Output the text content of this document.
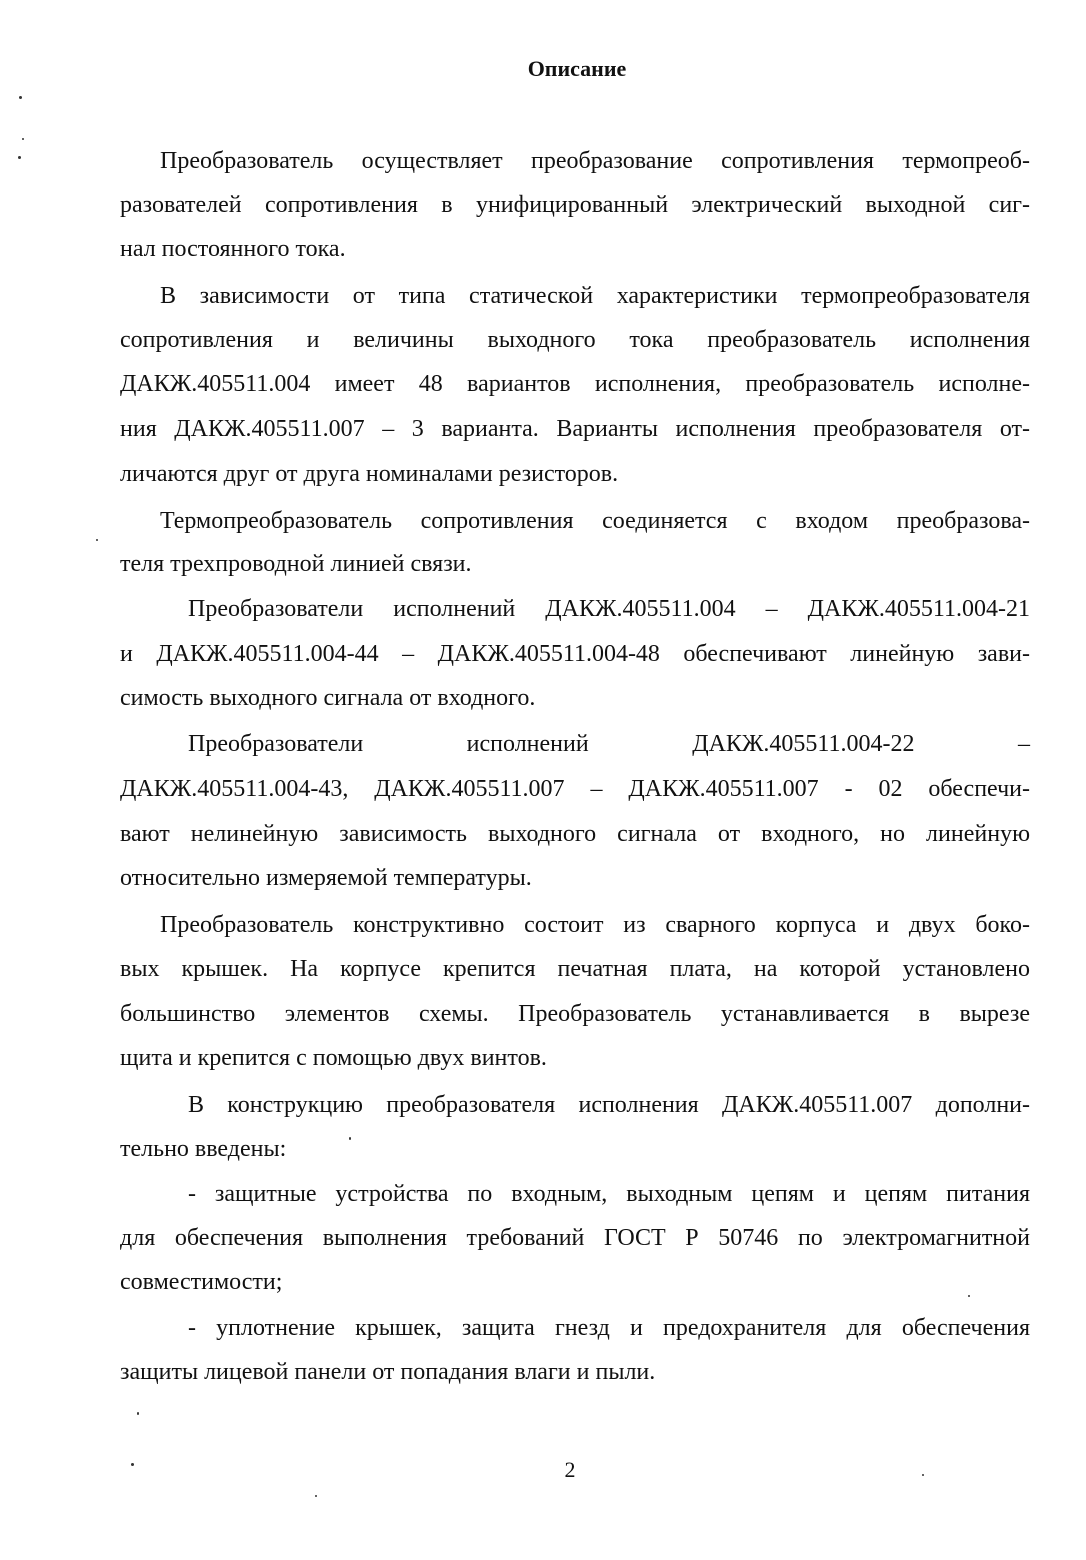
Описание
Преобразователь осуществляет преобразование сопротивления термопреоб-
разователей сопротивления в унифицированный электрический выходной сиг-
нал постоянного тока.
В зависимости от типа статической характеристики термопреобразователя
сопротивления и величины выходного тока преобразователь исполнения
ДАКЖ.405511.004 имеет 48 вариантов исполнения, преобразователь исполне-
ния ДАКЖ.405511.007 – 3 варианта. Варианты исполнения преобразователя от-
личаются друг от друга номиналами резисторов.
Термопреобразователь сопротивления соединяется с входом преобразова-
теля трехпроводной линией связи.
Преобразователи исполнений ДАКЖ.405511.004 – ДАКЖ.405511.004-21
и ДАКЖ.405511.004-44 – ДАКЖ.405511.004-48 обеспечивают линейную зави-
симость выходного сигнала от входного.
Преобразователи исполнений ДАКЖ.405511.004-22 –
ДАКЖ.405511.004-43, ДАКЖ.405511.007 – ДАКЖ.405511.007 - 02 обеспечи-
вают нелинейную зависимость выходного сигнала от входного, но линейную
относительно измеряемой температуры.
Преобразователь конструктивно состоит из сварного корпуса и двух боко-
вых крышек. На корпусе крепится печатная плата, на которой установлено
большинство элементов схемы. Преобразователь устанавливается в вырезе
щита и крепится с помощью двух винтов.
В конструкцию преобразователя исполнения ДАКЖ.405511.007 дополни-
тельно введены:
- защитные устройства по входным, выходным цепям и цепям питания
для обеспечения выполнения требований ГОСТ Р 50746 по электромагнитной
совместимости;
- уплотнение крышек, защита гнезд и предохранителя для обеспечения
защиты лицевой панели от попадания влаги и пыли.
2
